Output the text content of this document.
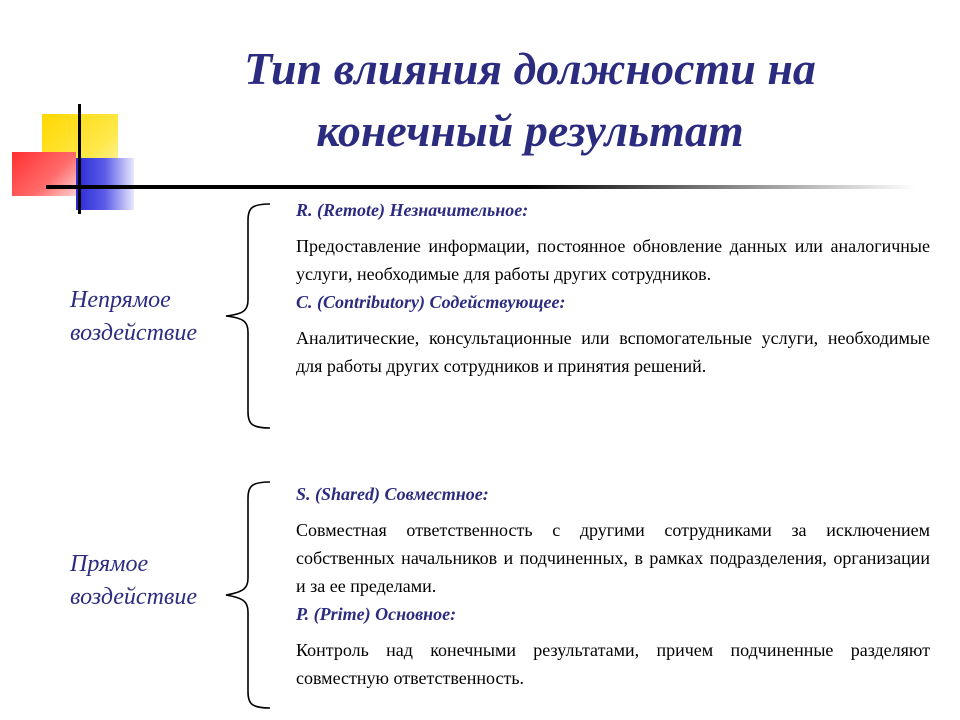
Тип влияния должности на
конечный результат
Непрямое
воздействие
Прямое
воздействие

R. (Remote) Незначительное:

Предоставление информации, постоянное обновление данных или аналогичные услуги, необходимые для работы других сотрудников.

C. (Contributory) Содействующее:

Аналитические, консультационные или вспомогательные услуги, необходимые для работы других сотрудников и принятия решений.

S. (Shared) Совместное:

Совместная ответственность с другими сотрудниками за исключением собственных начальников и подчиненных, в рамках подразделения, организации и за ее пределами.

P. (Prime) Основное:

Контроль над конечными результатами, причем подчиненные разделяют совместную ответственность.
